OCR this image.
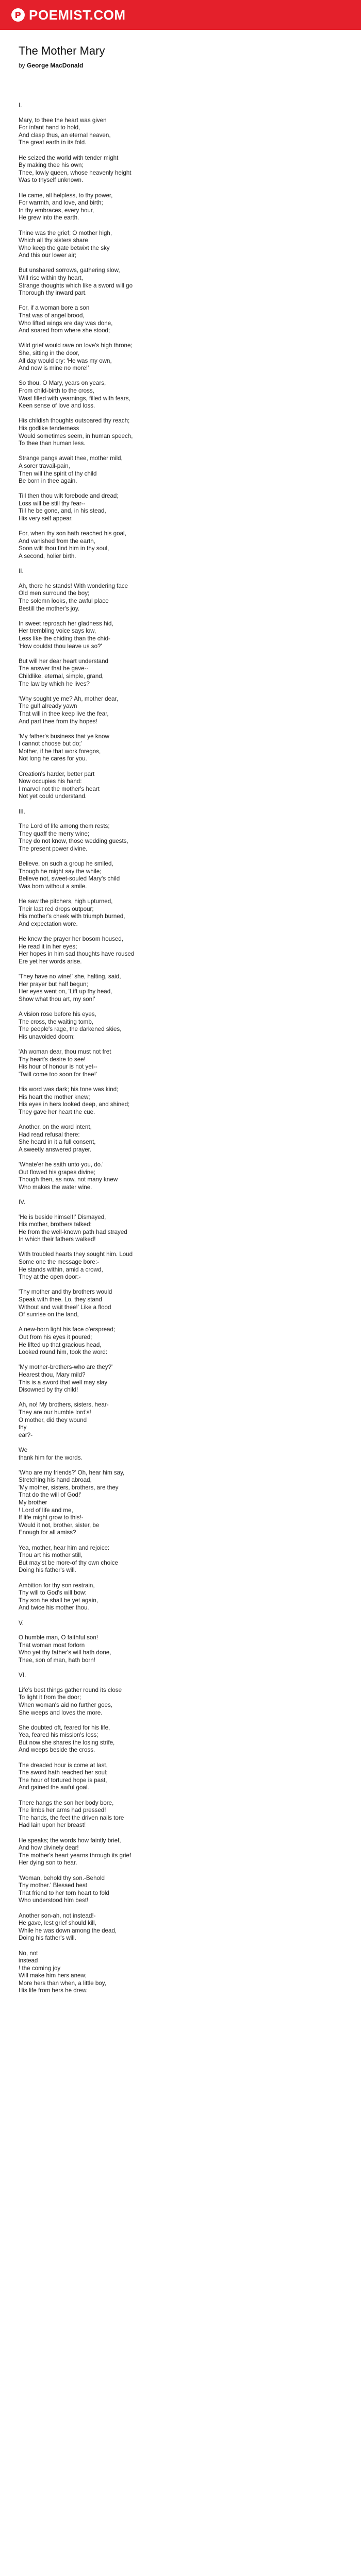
POEMIST.COM
The Mother Mary
by George MacDonald
I.
Mary, to thee the heart was given
For infant hand to hold,
And clasp thus, an eternal heaven,
The great earth in its fold.
He seized the world with tender might
By making thee his own;
Thee, lowly queen, whose heavenly height
Was to thyself unknown.
He came, all helpless, to thy power,
For warmth, and love, and birth;
In thy embraces, every hour,
He grew into the earth.
Thine was the grief; O mother high,
Which all thy sisters share
Who keep the gate betwixt the sky
And this our lower air;
But unshared sorrows, gathering slow,
Will rise within thy heart,
Strange thoughts which like a sword will go
Thorough thy inward part.
For, if a woman bore a son
That was of angel brood,
Who lifted wings ere day was done,
And soared from where she stood;
Wild grief would rave on love's high throne;
She, sitting in the door,
All day would cry: 'He was my own,
And now is mine no more!'
So thou, O Mary, years on years,
From child-birth to the cross,
Wast filled with yearnings, filled with fears,
Keen sense of love and loss.
His childish thoughts outsoared thy reach;
His godlike tenderness
Would sometimes seem, in human speech,
To thee than human less.
Strange pangs await thee, mother mild,
A sorer travail-pain,
Then will the spirit of thy child
Be born in thee again.
Till then thou wilt forebode and dread;
Loss will be still thy fear--
Till he be gone, and, in his stead,
His very self appear.
For, when thy son hath reached his goal,
And vanished from the earth,
Soon wilt thou find him in thy soul,
A second, holier birth.
II.
Ah, there he stands! With wondering face
Old men surround the boy;
The solemn looks, the awful place
Bestill the mother's joy.
In sweet reproach her gladness hid,
Her trembling voice says low,
Less like the chiding than the chid-
'How couldst thou leave us so?'
But will her dear heart understand
The answer that he gave--
Childlike, eternal, simple, grand,
The law by which he lives?
'Why sought ye me? Ah, mother dear,
The gulf already yawn
That will in thee keep live the fear,
And part thee from thy hopes!
'My father's business that ye know
I cannot choose but do;'
Mother, if he that work foregos,
Not long he cares for you.
Creation's harder, better part
Now occupies his hand:
I marvel not the mother's heart
Not yet could understand.
III.
The Lord of life among them rests;
They quaff the merry wine;
They do not know, those wedding guests,
The present power divine.
Believe, on such a group he smiled,
Though he might say the while;
Believe not, sweet-souled Mary's child
Was born without a smile.
He saw the pitchers, high upturned,
Their last red drops outpour;
His mother's cheek with triumph burned,
And expectation wore.
He knew the prayer her bosom housed,
He read it in her eyes;
Her hopes in him sad thoughts have roused
Ere yet her words arise.
'They have no wine!' she, halting, said,
Her prayer but half begun;
Her eyes went on, 'Lift up thy head,
Show what thou art, my son!'
A vision rose before his eyes,
The cross, the waiting tomb,
The people's rage, the darkened skies,
His unavoided doom:
'Ah woman dear, thou must not fret
Thy heart's desire to see!
His hour of honour is not yet--
'Twill come too soon for thee!'
His word was dark; his tone was kind;
His heart the mother knew;
His eyes in hers looked deep, and shined;
They gave her heart the cue.
Another, on the word intent,
Had read refusal there:
She heard in it a full consent,
A sweetly answered prayer.
'Whate'er he saith unto you, do.'
Out flowed his grapes divine;
Though then, as now, not many knew
Who makes the water wine.
IV.
'He is beside himself!' Dismayed,
His mother, brothers talked:
He from the well-known path had strayed
In which their fathers walked!
With troubled hearts they sought him. Loud
Some one the message bore:-
He stands within, amid a crowd,
They at the open door:-
'Thy mother and thy brothers would
Speak with thee. Lo, they stand
Without and wait thee!' Like a flood
Of sunrise on the land,
A new-born light his face o'erspread;
Out from his eyes it poured;
He lifted up that gracious head,
Looked round him, took the word:
'My mother-brothers-who are they?'
Hearest thou, Mary mild?
This is a sword that well may slay
Disowned by thy child!
Ah, no! My brothers, sisters, hear-
They are our humble lord's!
O mother, did they wound
thy
ear?-
We
thank him for the words.
'Who are my friends?' Oh, hear him say,
Stretching his hand abroad,
'My mother, sisters, brothers, are they
That do the will of God!'
My brother
! Lord of life and me,
If life might grow to this!-
Would it not, brother, sister, be
Enough for all amiss?
Yea, mother, hear him and rejoice:
Thou art his mother still,
But may'st be more-of thy own choice
Doing his father's will.
Ambition for thy son restrain,
Thy will to God's will bow:
Thy son he shall be yet again,
And twice his mother thou.
V.
O humble man, O faithful son!
That woman most forlorn
Who yet thy father's will hath done,
Thee, son of man, hath born!
VI.
Life's best things gather round its close
To light it from the door;
When woman's aid no further goes,
She weeps and loves the more.
She doubted oft, feared for his life,
Yea, feared his mission's loss;
But now she shares the losing strife,
And weeps beside the cross.
The dreaded hour is come at last,
The sword hath reached her soul;
The hour of tortured hope is past,
And gained the awful goal.
There hangs the son her body bore,
The limbs her arms had pressed!
The hands, the feet the driven nails tore
Had lain upon her breast!
He speaks; the words how faintly brief,
And how divinely dear!
The mother's heart yearns through its grief
Her dying son to hear.
'Woman, behold thy son.-Behold
Thy mother.' Blessed hest
That friend to her torn heart to fold
Who understood him best!
Another son-ah, not instead!-
He gave, lest grief should kill,
While he was down among the dead,
Doing his father's will.
No, not
instead
! the coming joy
Will make him hers anew;
More hers than when, a little boy,
His life from hers he drew.
